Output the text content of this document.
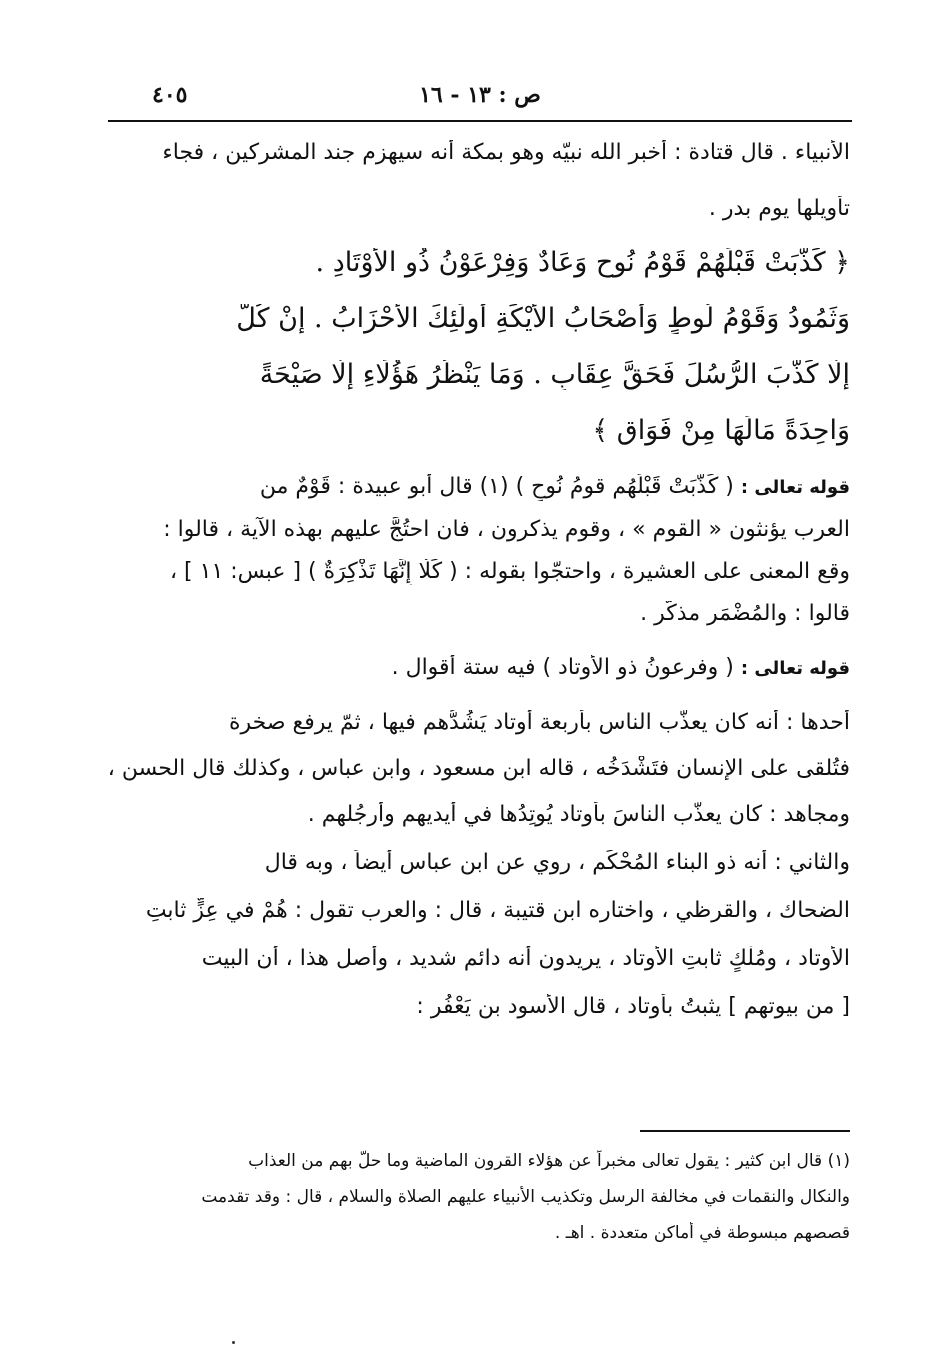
٤٠٥	ص : ١٣ - ١٦
الأنبياء . قال قتادة : أخبر الله نبيّه وهو بمكة أنه سيهزم جند المشركين ، فجاء
تأويلها يوم بدر .
﴿ كَذَّبَتْ قَبْلَهُمْ قَوْمُ نُوحٍ وَعَادٌ وَفِرْعَوْنُ ذُو الأَوْتَادِ .
وَثَمُودُ وَقَوْمُ لُوطٍ وَأَصْحَابُ الأَيْكَةِ أُولَئِكَ الأَحْزَابُ . إِنْ كُلٌّ
إِلَّا كَذَّبَ الرُّسُلَ فَحَقَّ عِقَابِ . وَمَا يَنْظُرُ هَؤُلَاءِ إِلَّا صَيْحَةً
وَاحِدَةً مَالَهَا مِنْ فَوَاقٍ ﴾
قوله تعالى : ( كَذَّبَتْ قَبْلَهُم قومُ نُوحٍ ) (١) قال أبو عبيدة : قَوْمٌ من
العرب يؤنثون « القوم » ، وقوم يذكرون ، فان احتُجَّ عليهم بهذه الآية ، قالوا :
وقع المعنى على العشيرة ، واحتجّوا بقوله : ( كَلَّا إِنَّهَا تَذْكِرَةٌ ) [ عبس: ١١ ] ،
قالوا : والمُضْمَر مذكّر .
قوله تعالى : ( وفرعونُ ذو الأوتاد ) فيه ستة أقوال .
أحدها : أنه كان يعذّب الناس بأربعة أوتاد يَشُدُّهم فيها ، ثمّ يرفع صخرة
فتُلقى على الإنسان فتَشْدَخُه ، قاله ابن مسعود ، وابن عباس ، وكذلك قال الحسن ،
ومجاهد : كان يعذّب الناسَ بأوتاد يُوتِدُها في أيديهم وأرجُلهم .
والثاني : أنه ذو البناء المُحْكَم ، روي عن ابن عباس أيضاً ، وبه قال
الضحاك ، والقرظي ، واختاره ابن قتيبة ، قال : والعرب تقول : هُمْ في عِزٍّ ثابتِ
الأوتاد ، ومُلْكٍ ثابتِ الأوتاد ، يريدون أنه دائم شديد ، وأصل هذا ، أن البيت
[ من بيوتهم ] يثبتُ بأوتاد ، قال الأسود بن يَعْفُر :
(١) قال ابن كثير : يقول تعالى مخبراً عن هؤلاء القرون الماضية وما حلّ بهم من العذاب
والنكال والنقمات في مخالفة الرسل وتكذيب الأنبياء عليهم الصلاة والسلام ، قال : وقد تقدمت
قصصهم مبسوطة في أماكن متعددة . اهـ .
